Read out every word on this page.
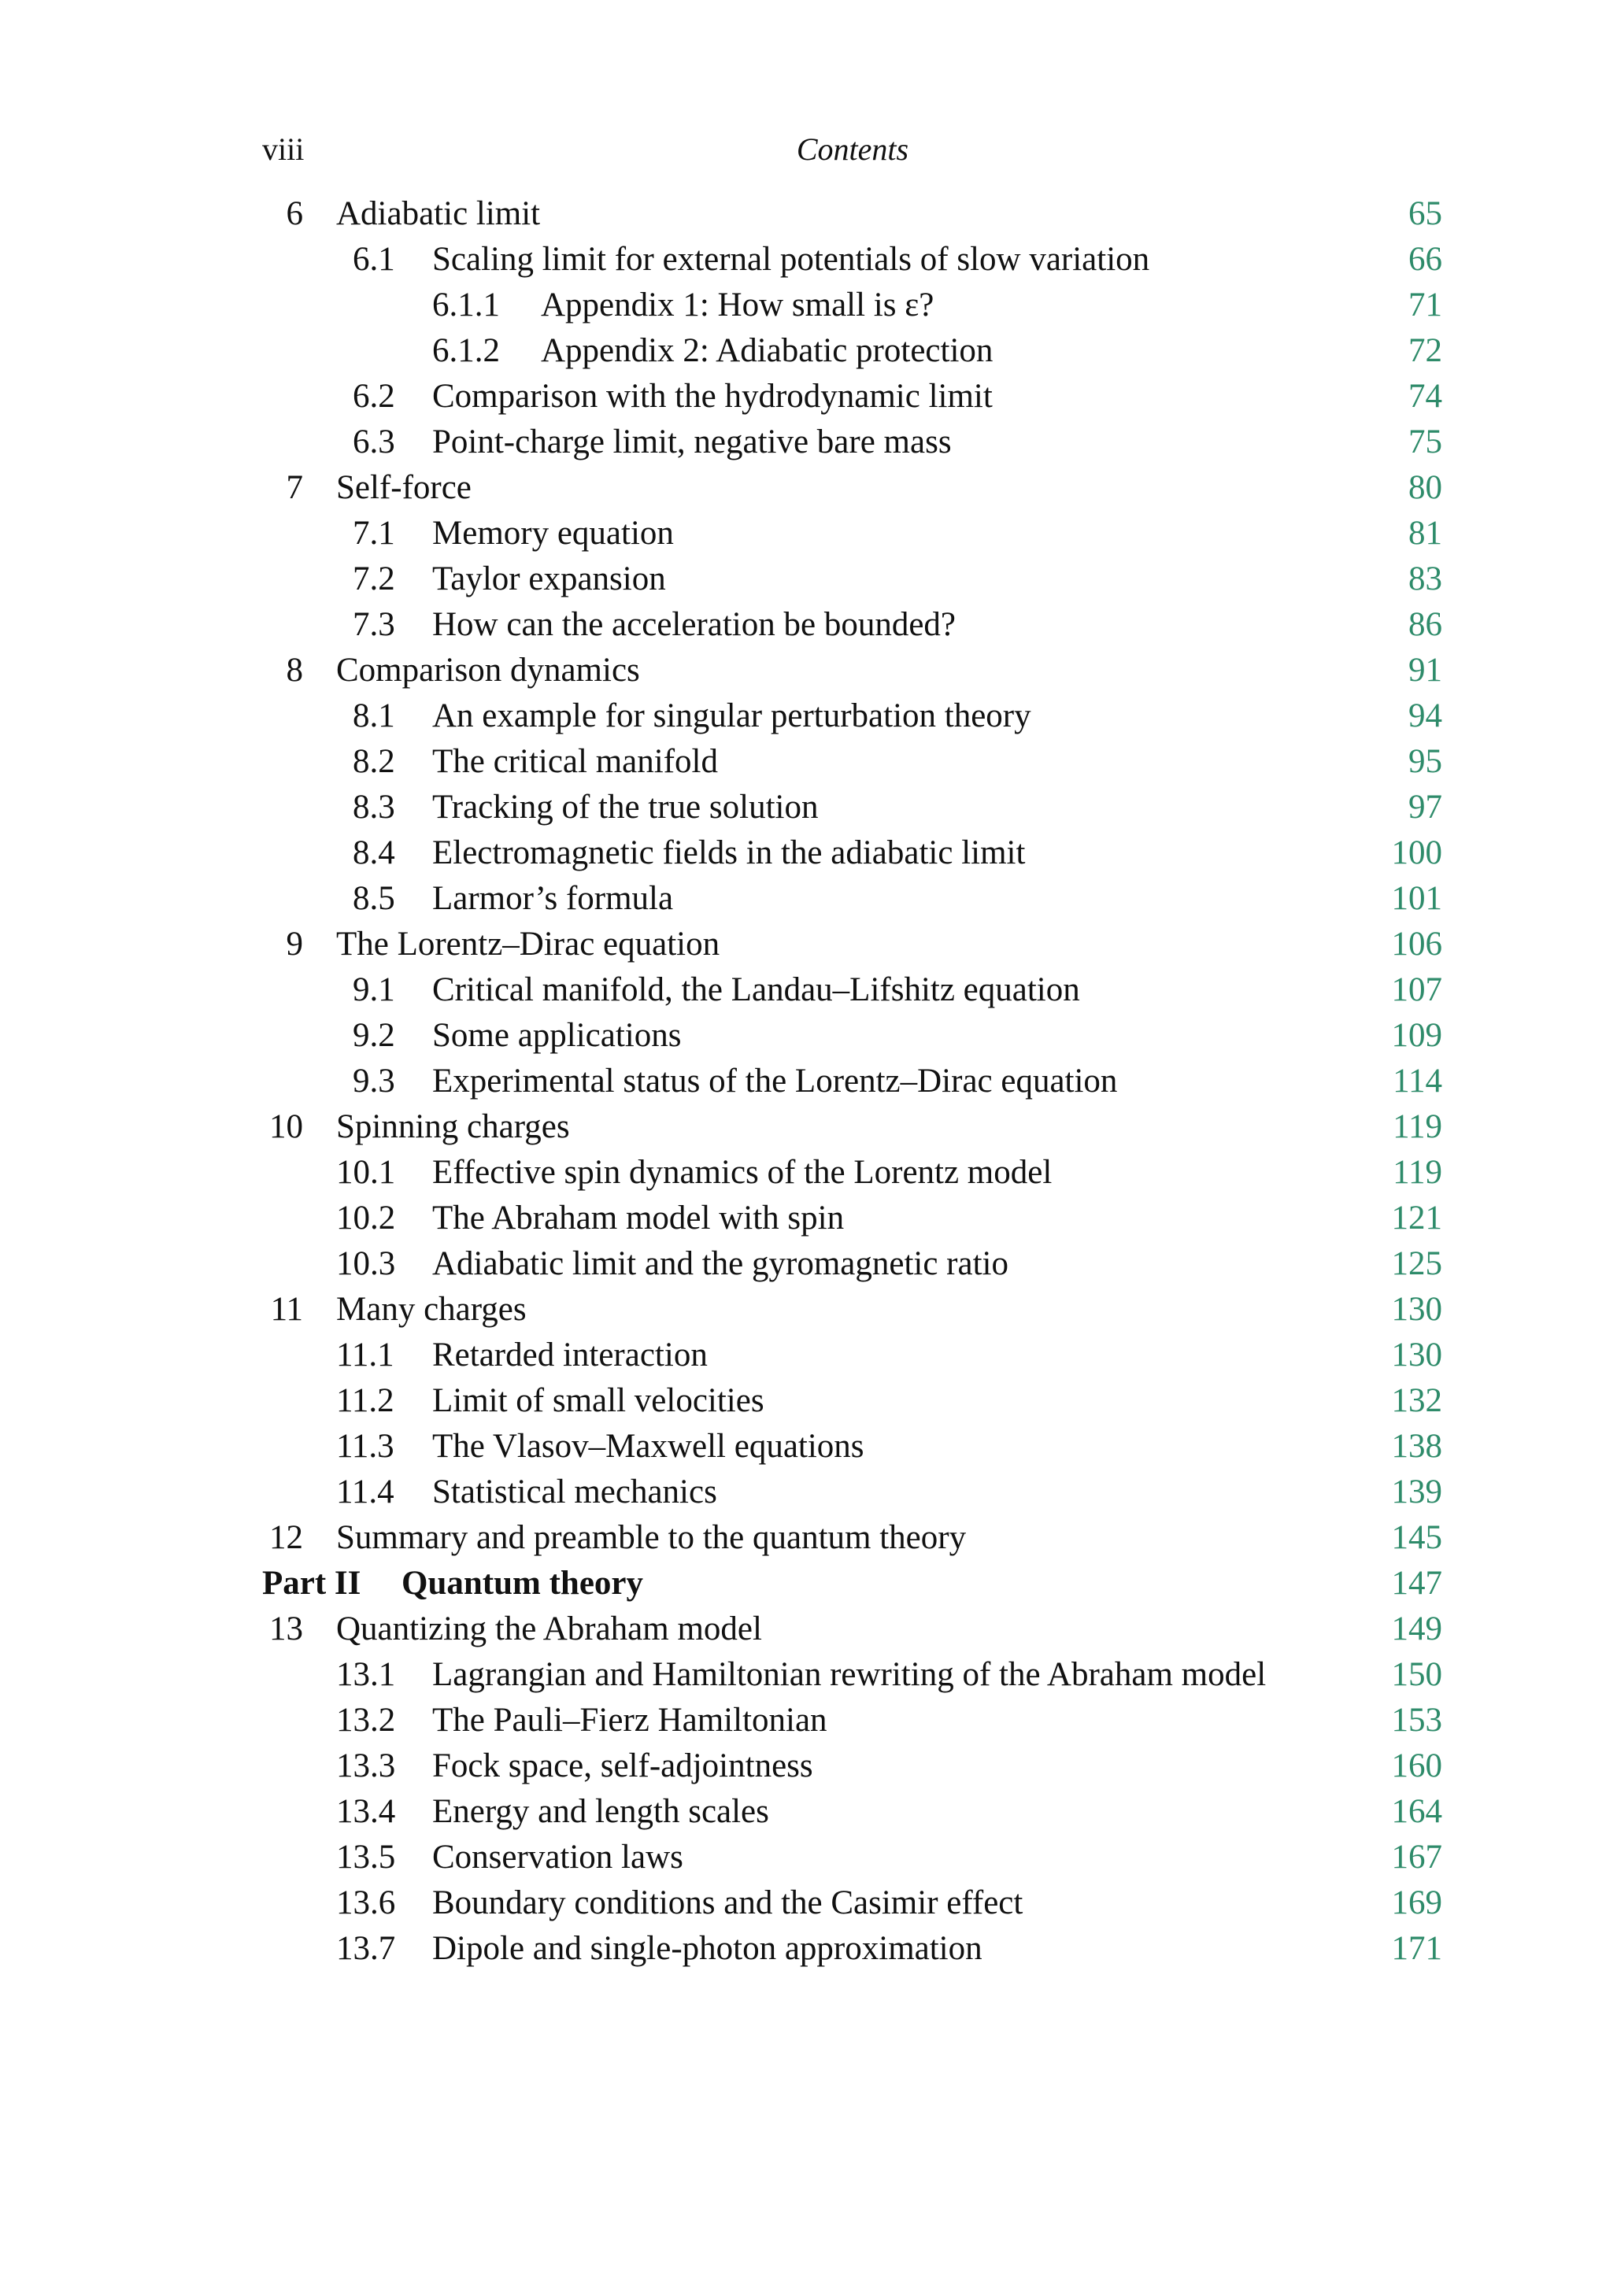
viii	Contents
6 Adiabatic limit	65
6.1 Scaling limit for external potentials of slow variation	66
6.1.1 Appendix 1: How small is ε?	71
6.1.2 Appendix 2: Adiabatic protection	72
6.2 Comparison with the hydrodynamic limit	74
6.3 Point-charge limit, negative bare mass	75
7 Self-force	80
7.1 Memory equation	81
7.2 Taylor expansion	83
7.3 How can the acceleration be bounded?	86
8 Comparison dynamics	91
8.1 An example for singular perturbation theory	94
8.2 The critical manifold	95
8.3 Tracking of the true solution	97
8.4 Electromagnetic fields in the adiabatic limit	100
8.5 Larmor’s formula	101
9 The Lorentz–Dirac equation	106
9.1 Critical manifold, the Landau–Lifshitz equation	107
9.2 Some applications	109
9.3 Experimental status of the Lorentz–Dirac equation	114
10 Spinning charges	119
10.1 Effective spin dynamics of the Lorentz model	119
10.2 The Abraham model with spin	121
10.3 Adiabatic limit and the gyromagnetic ratio	125
11 Many charges	130
11.1 Retarded interaction	130
11.2 Limit of small velocities	132
11.3 The Vlasov–Maxwell equations	138
11.4 Statistical mechanics	139
12 Summary and preamble to the quantum theory	145
Part II Quantum theory	147
13 Quantizing the Abraham model	149
13.1 Lagrangian and Hamiltonian rewriting of the Abraham model	150
13.2 The Pauli–Fierz Hamiltonian	153
13.3 Fock space, self-adjointness	160
13.4 Energy and length scales	164
13.5 Conservation laws	167
13.6 Boundary conditions and the Casimir effect	169
13.7 Dipole and single-photon approximation	171
